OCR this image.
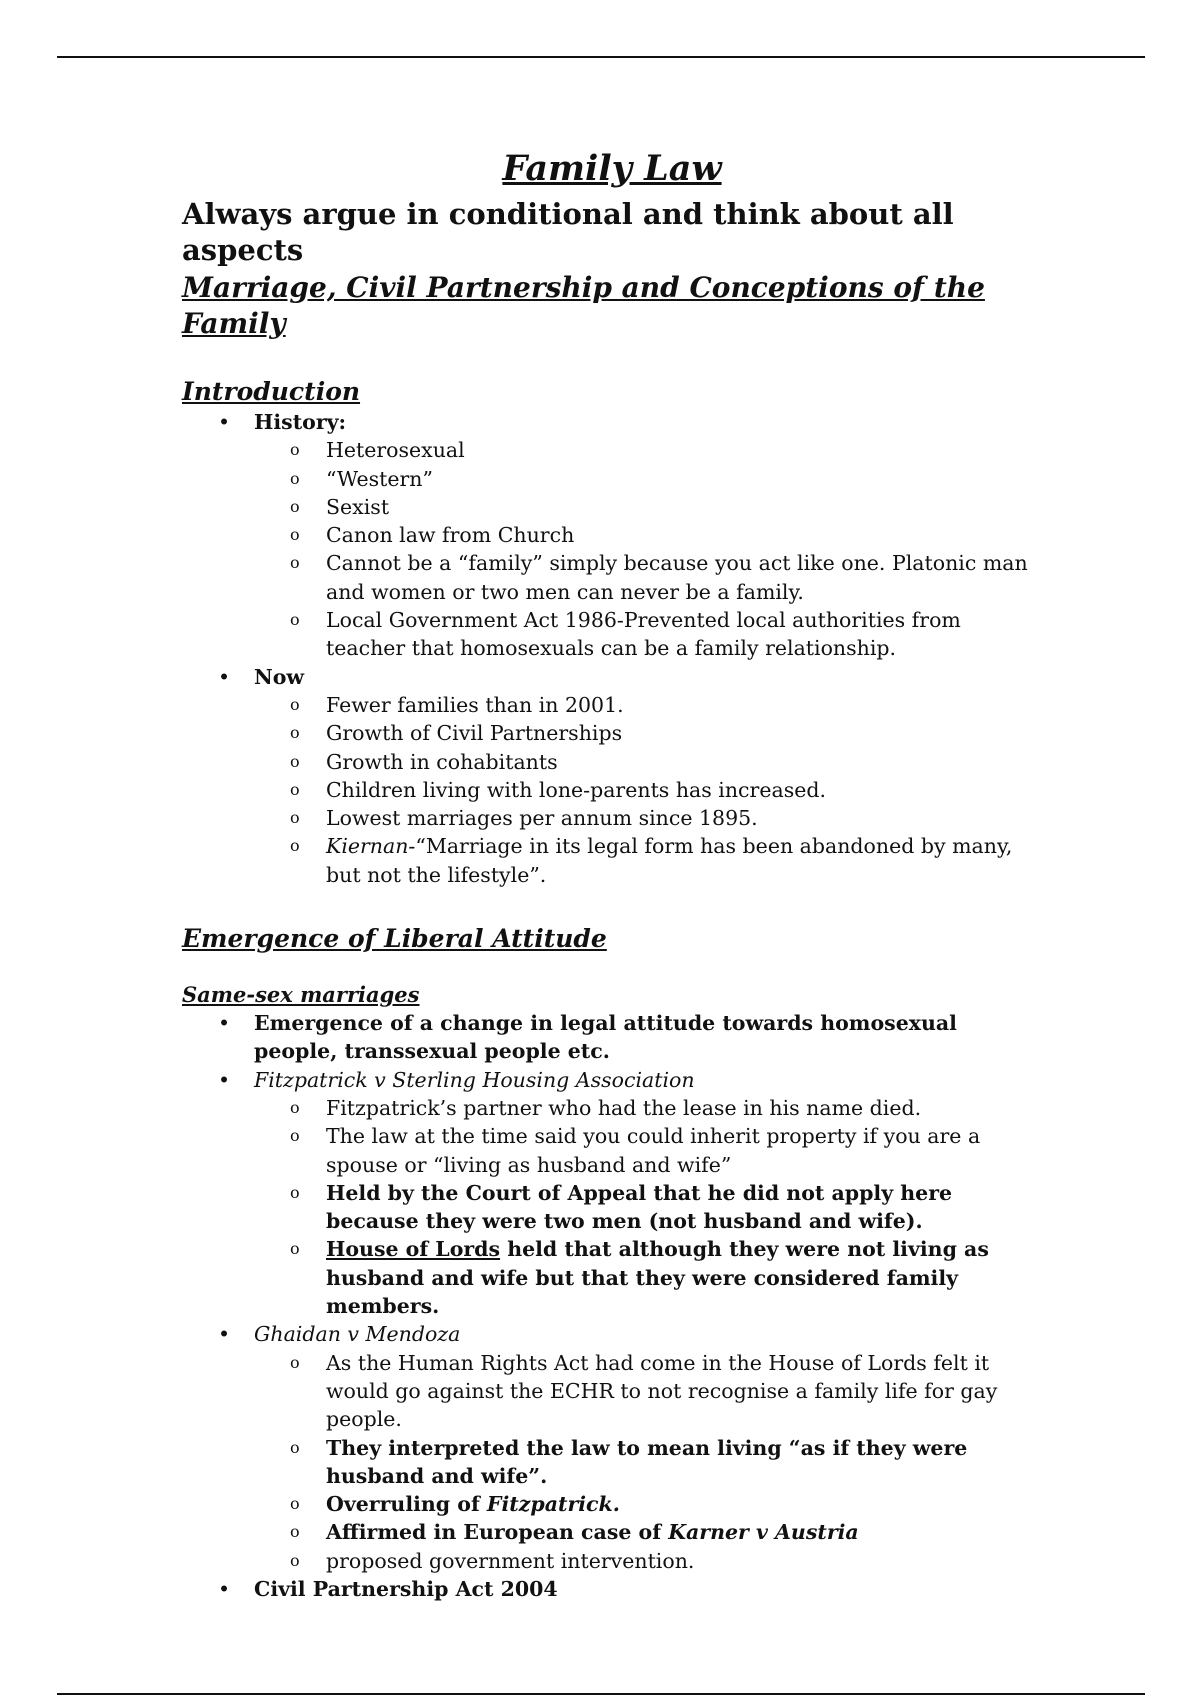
Family Law
Always argue in conditional and think about all aspects
Marriage, Civil Partnership and Conceptions of the Family
Introduction
• History:
o Heterosexual
o “Western”
o Sexist
o Canon law from Church
o Cannot be a “family” simply because you act like one. Platonic man and women or two men can never be a family.
o Local Government Act 1986-Prevented local authorities from teacher that homosexuals can be a family relationship.
• Now
o Fewer families than in 2001.
o Growth of Civil Partnerships
o Growth in cohabitants
o Children living with lone-parents has increased.
o Lowest marriages per annum since 1895.
o Kiernan-“Marriage in its legal form has been abandoned by many, but not the lifestyle”.
Emergence of Liberal Attitude
Same-sex marriages
• Emergence of a change in legal attitude towards homosexual people, transsexual people etc.
• Fitzpatrick v Sterling Housing Association
o Fitzpatrick’s partner who had the lease in his name died.
o The law at the time said you could inherit property if you are a spouse or “living as husband and wife”
o Held by the Court of Appeal that he did not apply here because they were two men (not husband and wife).
o House of Lords held that although they were not living as husband and wife but that they were considered family members.
• Ghaidan v Mendoza
o As the Human Rights Act had come in the House of Lords felt it would go against the ECHR to not recognise a family life for gay people.
o They interpreted the law to mean living “as if they were husband and wife”.
o Overruling of Fitzpatrick.
o Affirmed in European case of Karner v Austria
o proposed government intervention.
• Civil Partnership Act 2004
